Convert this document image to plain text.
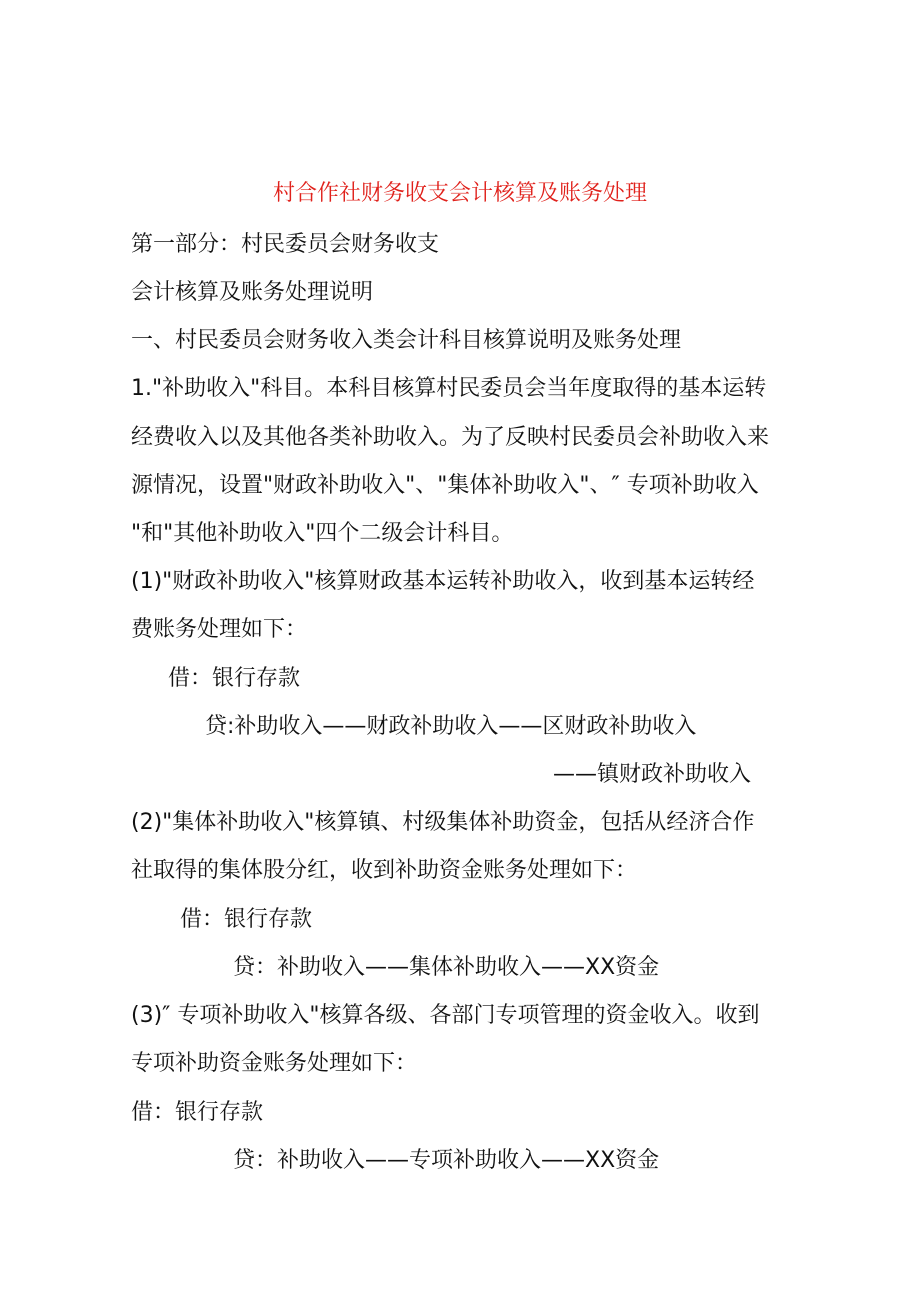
村合作社财务收支会计核算及账务处理
第一部分：村民委员会财务收支
会计核算及账务处理说明
一、村民委员会财务收入类会计科目核算说明及账务处理
1."补助收入"科目。本科目核算村民委员会当年度取得的基本运转
经费收入以及其他各类补助收入。为了反映村民委员会补助收入来
源情况，设置"财政补助收入"、"集体补助收入"、″ 专项补助收入
"和"其他补助收入"四个二级会计科目。
(1)"财政补助收入"核算财政基本运转补助收入，收到基本运转经
费账务处理如下：
借：银行存款
贷:补助收入——财政补助收入——区财政补助收入
——镇财政补助收入
(2)"集体补助收入"核算镇、村级集体补助资金，包括从经济合作
社取得的集体股分红，收到补助资金账务处理如下：
借：银行存款
贷：补助收入——集体补助收入——XX资金
(3)″ 专项补助收入"核算各级、各部门专项管理的资金收入。收到
专项补助资金账务处理如下：
借：银行存款
贷：补助收入——专项补助收入——XX资金
